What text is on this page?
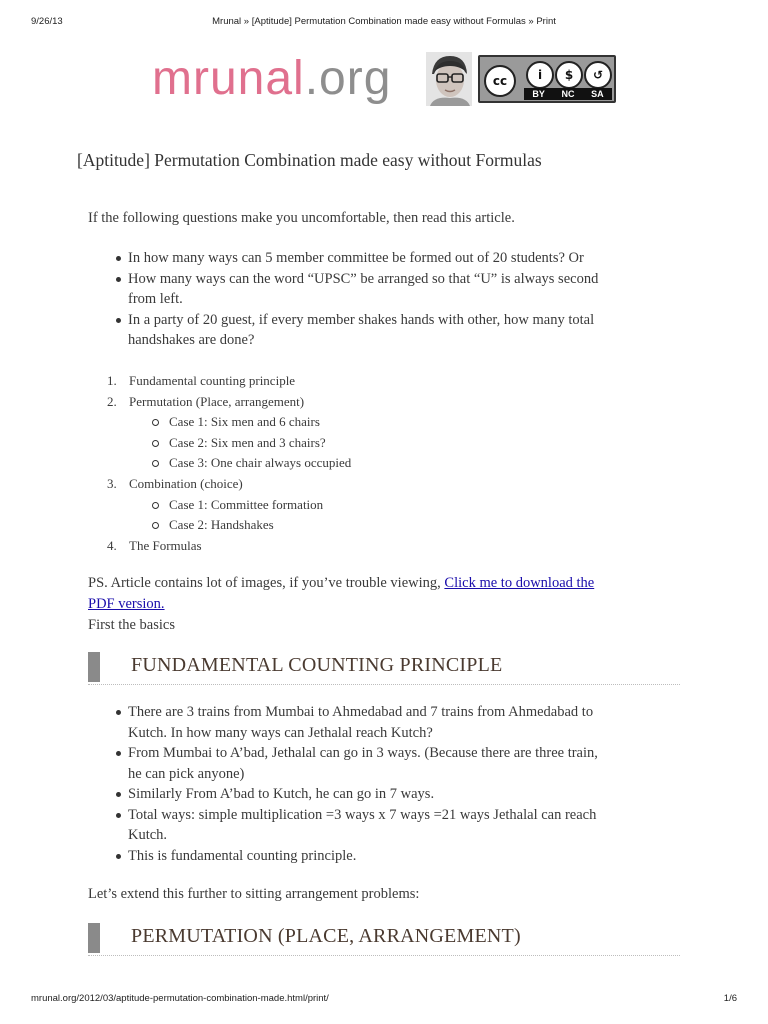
9/26/13	Mrunal » [Aptitude] Permutation Combination made easy without Formulas » Print
mrunal.org	cc	i	$	↺
BY NC SA
[Aptitude] Permutation Combination made easy without Formulas

If the following questions make you uncomfortable, then read this article.

In how many ways can 5 member committee be formed out of 20 students? Or
How many ways can the word “UPSC” be arranged so that “U” is always second
from left.
In a party of 20 guest, if every member shakes hands with other, how many total
handshakes are done?
1. Fundamental counting principle
2. Permutation (Place, arrangement)
Case 1: Six men and 6 chairs
Case 2: Six men and 3 chairs?
Case 3: One chair always occupied
3. Combination (choice)
Case 1: Committee formation
Case 2: Handshakes
4. The Formulas
PS. Article contains lot of images, if you’ve trouble viewing, Click me to download the
PDF version.
First the basics
FUNDAMENTAL COUNTING PRINCIPLE
There are 3 trains from Mumbai to Ahmedabad and 7 trains from Ahmedabad to
Kutch. In how many ways can Jethalal reach Kutch?
From Mumbai to A’bad, Jethalal can go in 3 ways. (Because there are three train,
he can pick anyone)
Similarly From A’bad to Kutch, he can go in 7 ways.
Total ways: simple multiplication =3 ways x 7 ways =21 ways Jethalal can reach
Kutch.
This is fundamental counting principle.

Let’s extend this further to sitting arrangement problems:

PERMUTATION (PLACE, ARRANGEMENT)
mrunal.org/2012/03/aptitude-permutation-combination-made.html/print/	1/6
